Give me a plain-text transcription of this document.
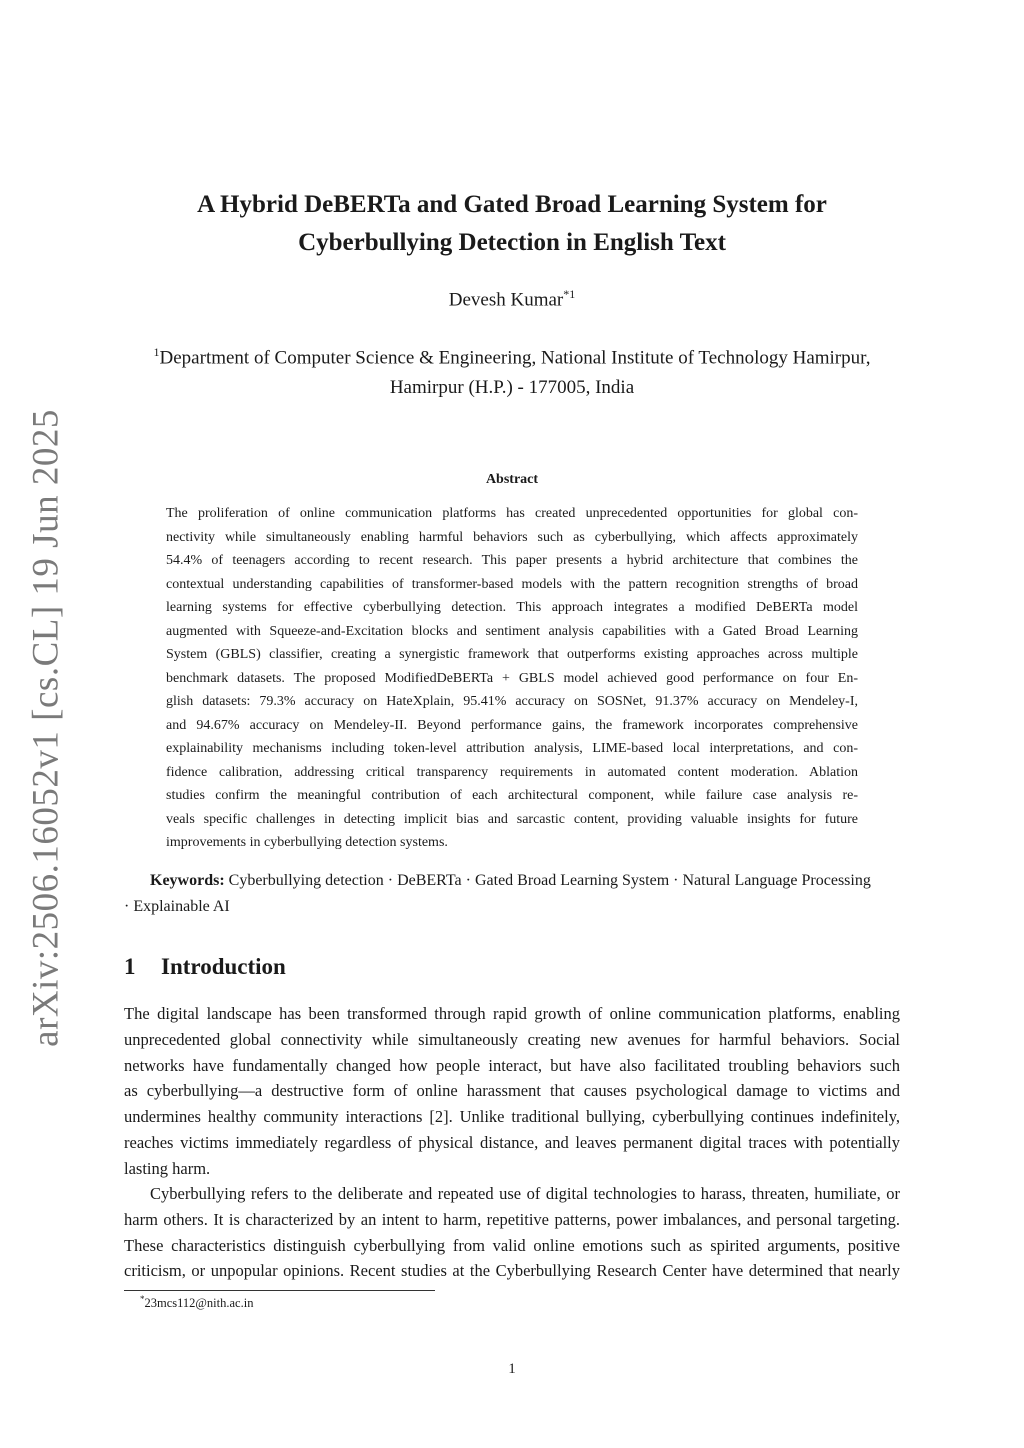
arXiv:2506.16052v1 [cs.CL] 19 Jun 2025
A Hybrid DeBERTa and Gated Broad Learning System for
Cyberbullying Detection in English Text
Devesh Kumar$^{*1}$
$^1$Department of Computer Science & Engineering, National Institute of Technology Hamirpur,
Hamirpur (H.P.) - 177005, India
Abstract
The proliferation of online communication platforms has created unprecedented opportunities for global con-
nectivity while simultaneously enabling harmful behaviors such as cyberbullying, which affects approximately
54.4% of teenagers according to recent research. This paper presents a hybrid architecture that combines the
contextual understanding capabilities of transformer-based models with the pattern recognition strengths of broad
learning systems for effective cyberbullying detection. This approach integrates a modified DeBERTa model
augmented with Squeeze-and-Excitation blocks and sentiment analysis capabilities with a Gated Broad Learning
System (GBLS) classifier, creating a synergistic framework that outperforms existing approaches across multiple
benchmark datasets. The proposed ModifiedDeBERTa + GBLS model achieved good performance on four En-
glish datasets: 79.3% accuracy on HateXplain, 95.41% accuracy on SOSNet, 91.37% accuracy on Mendeley-I,
and 94.67% accuracy on Mendeley-II. Beyond performance gains, the framework incorporates comprehensive
explainability mechanisms including token-level attribution analysis, LIME-based local interpretations, and con-
fidence calibration, addressing critical transparency requirements in automated content moderation. Ablation
studies confirm the meaningful contribution of each architectural component, while failure case analysis re-
veals specific challenges in detecting implicit bias and sarcastic content, providing valuable insights for future
improvements in cyberbullying detection systems.
Keywords: Cyberbullying detection · DeBERTa · Gated Broad Learning System · Natural Language Processing
· Explainable AI
1 Introduction
The digital landscape has been transformed through rapid growth of online communication platforms, enabling
unprecedented global connectivity while simultaneously creating new avenues for harmful behaviors. Social
networks have fundamentally changed how people interact, but have also facilitated troubling behaviors such
as cyberbullying—a destructive form of online harassment that causes psychological damage to victims and
undermines healthy community interactions [2]. Unlike traditional bullying, cyberbullying continues indefinitely,
reaches victims immediately regardless of physical distance, and leaves permanent digital traces with potentially
lasting harm.
Cyberbullying refers to the deliberate and repeated use of digital technologies to harass, threaten, humiliate, or
harm others. It is characterized by an intent to harm, repetitive patterns, power imbalances, and personal targeting.
These characteristics distinguish cyberbullying from valid online emotions such as spirited arguments, positive
criticism, or unpopular opinions. Recent studies at the Cyberbullying Research Center have determined that nearly
*23mcs112@nith.ac.in
1
